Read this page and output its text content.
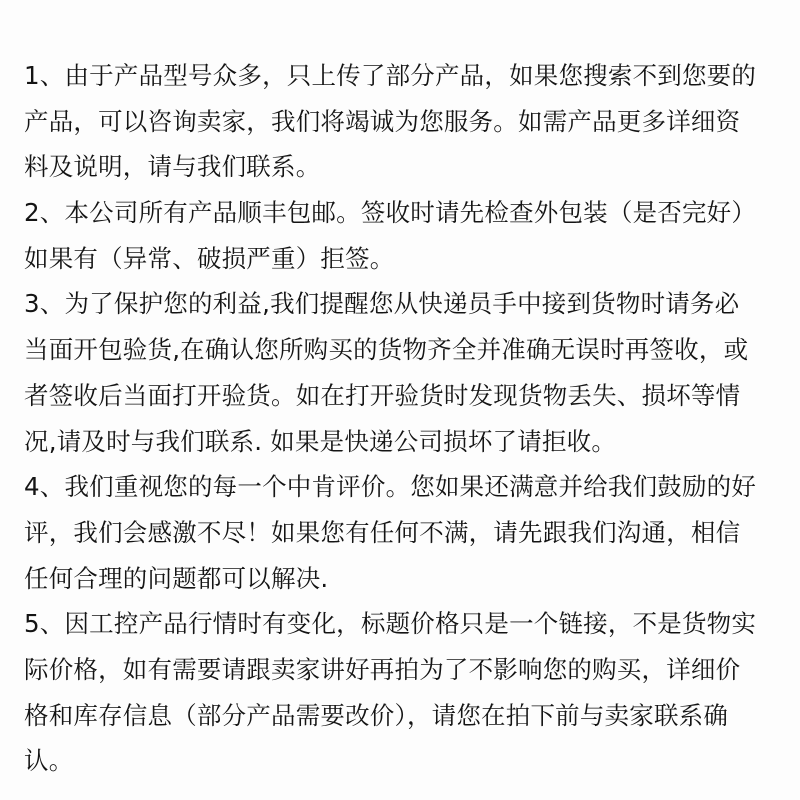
1、由于产品型号众多，只上传了部分产品，如果您搜索不到您要的
产品，可以咨询卖家，我们将竭诚为您服务。如需产品更多详细资
料及说明，请与我们联系。
2、本公司所有产品顺丰包邮。签收时请先检查外包装（是否完好）
如果有（异常、破损严重）拒签。
3、为了保护您的利益,我们提醒您从快递员手中接到货物时请务必
当面开包验货,在确认您所购买的货物齐全并准确无误时再签收，或
者签收后当面打开验货。如在打开验货时发现货物丢失、损坏等情
况,请及时与我们联系. 如果是快递公司损坏了请拒收。
4、我们重视您的每一个中肯评价。您如果还满意并给我们鼓励的好
评，我们会感激不尽！如果您有任何不满，请先跟我们沟通，相信
任何合理的问题都可以解决.
5、因工控产品行情时有变化，标题价格只是一个链接，不是货物实
际价格，如有需要请跟卖家讲好再拍为了不影响您的购买，详细价
格和库存信息（部分产品需要改价），请您在拍下前与卖家联系确
认。
